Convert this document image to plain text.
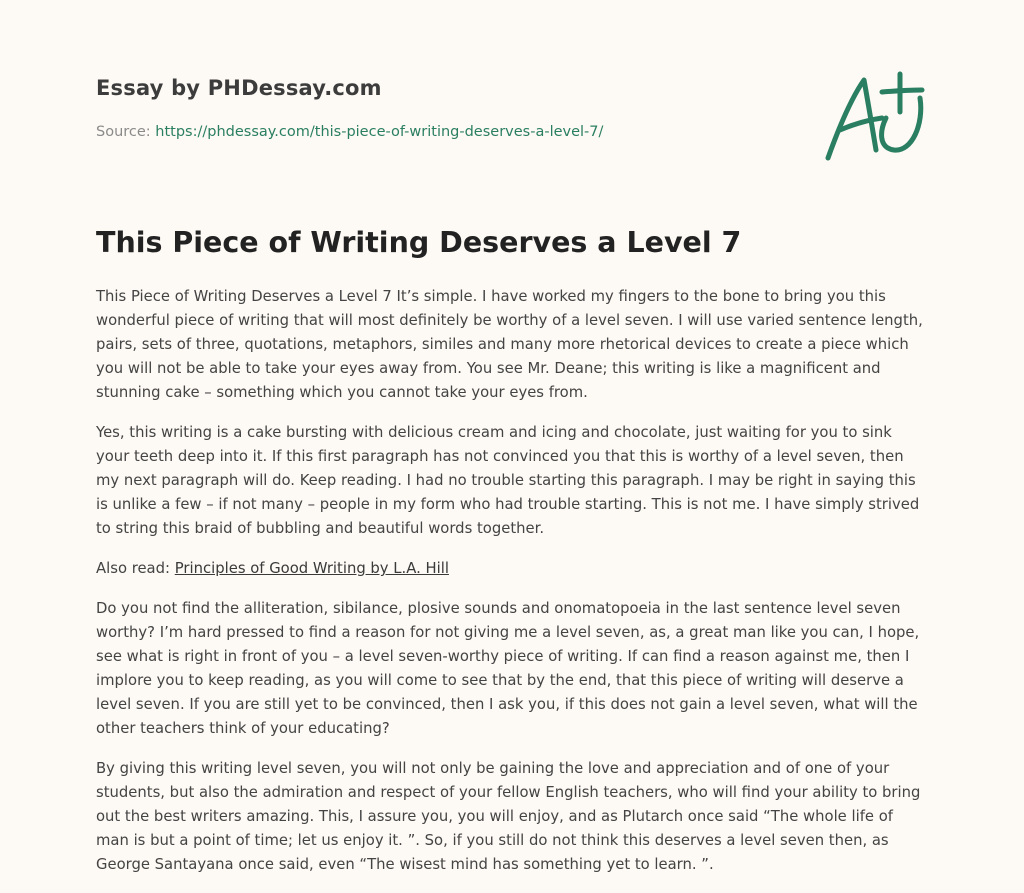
Essay by PHDessay.com
Source: https://phdessay.com/this-piece-of-writing-deserves-a-level-7/
This Piece of Writing Deserves a Level 7

This Piece of Writing Deserves a Level 7 It’s simple. I have worked my fingers to the bone to bring you this wonderful piece of writing that will most definitely be worthy of a level seven. I will use varied sentence length, pairs, sets of three, quotations, metaphors, similes and many more rhetorical devices to create a piece which you will not be able to take your eyes away from. You see Mr. Deane; this writing is like a magnificent and stunning cake – something which you cannot take your eyes from.

Yes, this writing is a cake bursting with delicious cream and icing and chocolate, just waiting for you to sink your teeth deep into it. If this first paragraph has not convinced you that this is worthy of a level seven, then my next paragraph will do. Keep reading. I had no trouble starting this paragraph. I may be right in saying this is unlike a few – if not many – people in my form who had trouble starting. This is not me. I have simply strived to string this braid of bubbling and beautiful words together.

Also read: Principles of Good Writing by L.A. Hill

Do you not find the alliteration, sibilance, plosive sounds and onomatopoeia in the last sentence level seven worthy? I’m hard pressed to find a reason for not giving me a level seven, as, a great man like you can, I hope, see what is right in front of you – a level seven-worthy piece of writing. If can find a reason against me, then I implore you to keep reading, as you will come to see that by the end, that this piece of writing will deserve a level seven. If you are still yet to be convinced, then I ask you, if this does not gain a level seven, what will the other teachers think of your educating?

By giving this writing level seven, you will not only be gaining the love and appreciation and of one of your students, but also the admiration and respect of your fellow English teachers, who will find your ability to bring out the best writers amazing. This, I assure you, you will enjoy, and as Plutarch once said “The whole life of man is but a point of time; let us enjoy it. ”. So, if you still do not think this deserves a level seven then, as George Santayana once said, even “The wisest mind has something yet to learn. ”.
